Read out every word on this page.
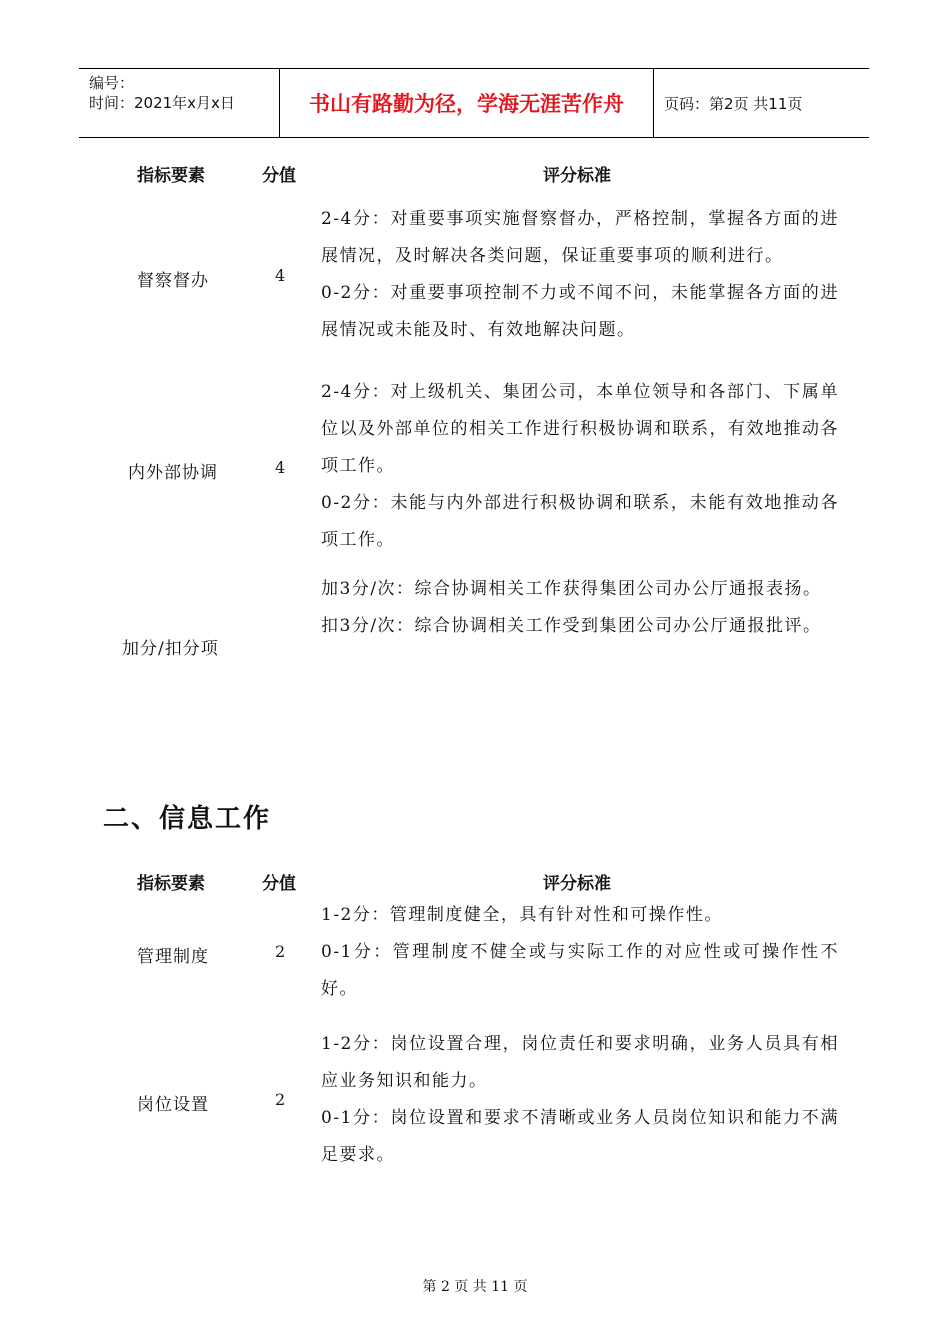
编号：
时间：2021年x月x日	书山有路勤为径，学海无涯苦作舟	页码：第2页 共11页
指标要素	分值	评分标准
督察督办	4

2-4分：对重要事项实施督察督办，严格控制，掌握各方面的进展情况，及时解决各类问题，保证重要事项的顺利进行。

0-2分：对重要事项控制不力或不闻不问，未能掌握各方面的进展情况或未能及时、有效地解决问题。

内外部协调	4

2-4分：对上级机关、集团公司，本单位领导和各部门、下属单位以及外部单位的相关工作进行积极协调和联系，有效地推动各项工作。

0-2分：未能与内外部进行积极协调和联系，未能有效地推动各项工作。

加分/扣分项

加3分/次：综合协调相关工作获得集团公司办公厅通报表扬。

扣3分/次：综合协调相关工作受到集团公司办公厅通报批评。

二、信息工作
指标要素	分值	评分标准
管理制度	2

1-2分：管理制度健全，具有针对性和可操作性。

0-1分：管理制度不健全或与实际工作的对应性或可操作性不好。

岗位设置	2

1-2分：岗位设置合理，岗位责任和要求明确，业务人员具有相应业务知识和能力。

0-1分：岗位设置和要求不清晰或业务人员岗位知识和能力不满足要求。

第 2 页 共 11 页
